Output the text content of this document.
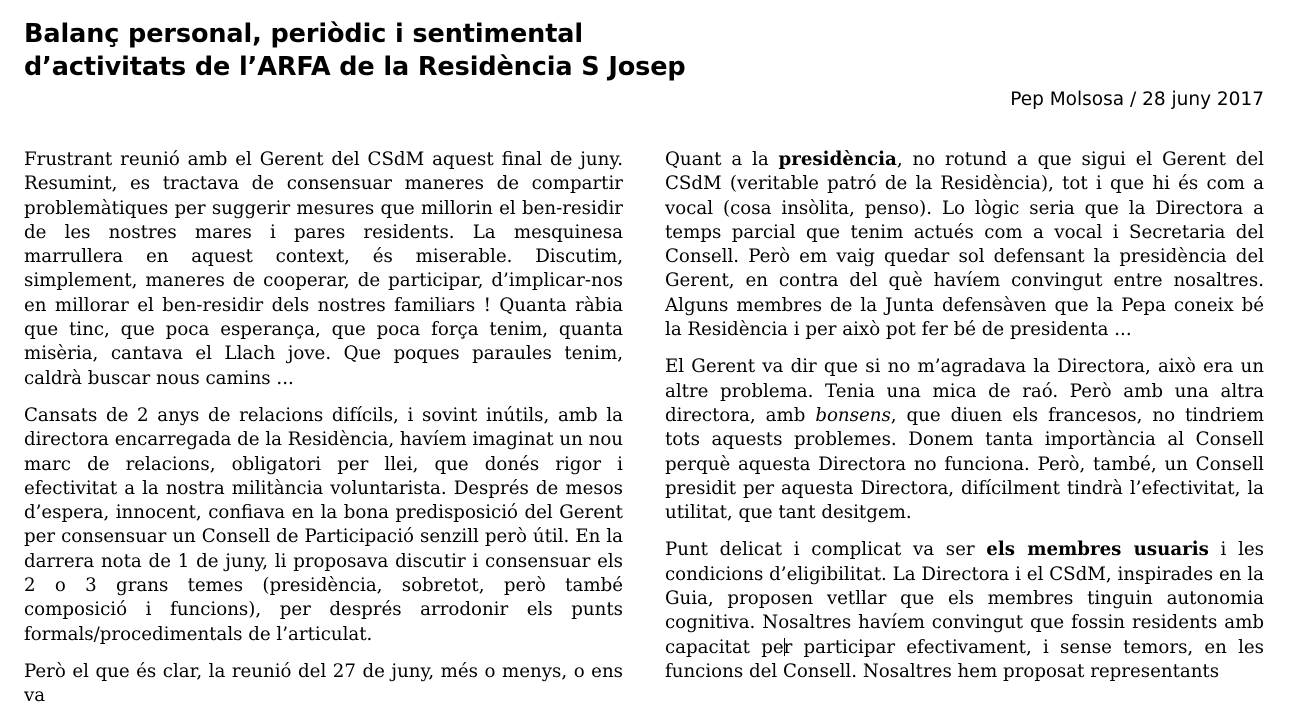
Balanç personal, periòdic i sentimental
d’activitats de l’ARFA de la Residència S Josep
Pep Molsosa / 28 juny 2017

Frustrant reunió amb el Gerent del CSdM aquest final de juny. Resumint, es tractava de consensuar maneres de compartir problemàtiques per suggerir mesures que millorin el ben-residir de les nostres mares i pares residents. La mesquinesa marrullera en aquest context, és miserable. Discutim, simplement, maneres de cooperar, de participar, d’implicar-nos en millorar el ben-residir dels nostres familiars ! Quanta ràbia que tinc, que poca esperança, que poca força tenim, quanta misèria, cantava el Llach jove. Que poques paraules tenim, caldrà buscar nous camins ...

Cansats de 2 anys de relacions difícils, i sovint inútils, amb la directora encarregada de la Residència, havíem imaginat un nou marc de relacions, obligatori per llei, que donés rigor i efectivitat a la nostra militància voluntarista. Després de mesos d’espera, innocent, confiava en la bona predisposició del Gerent per consensuar un Consell de Participació senzill però útil. En la darrera nota de 1 de juny, li proposava discutir i consensuar els 2 o 3 grans temes (presidència, sobretot, però també composició i funcions), per després arrodonir els punts formals/procedimentals de l’articulat.

Però el que és clar, la reunió del 27 de juny, més o menys, o ens va

Quant a la presidència, no rotund a que sigui el Gerent del CSdM (veritable patró de la Residència), tot i que hi és com a vocal (cosa insòlita, penso). Lo lògic seria que la Directora a temps parcial que tenim actués com a vocal i Secretaria del Consell. Però em vaig quedar sol defensant la presidència del Gerent, en contra del què havíem convingut entre nosaltres. Alguns membres de la Junta defensàven que la Pepa coneix bé la Residència i per això pot fer bé de presidenta ...

El Gerent va dir que si no m’agradava la Directora, això era un altre problema. Tenia una mica de raó. Però amb una altra directora, amb bonsens, que diuen els francesos, no tindriem tots aquests problemes. Donem tanta importància al Consell perquè aquesta Directora no funciona. Però, també, un Consell presidit per aquesta Directora, difícilment tindrà l’efectivitat, la utilitat, que tant desitgem.

Punt delicat i complicat va ser els membres usuaris i les condicions d’eligibilitat. La Directora i el CSdM, inspirades en la Guia, proposen vetllar que els membres tinguin autonomia cognitiva. Nosaltres havíem convingut que fossin residents amb capacitat per participar efectivament, i sense temors, en les funcions del Consell. Nosaltres hem proposat representants
